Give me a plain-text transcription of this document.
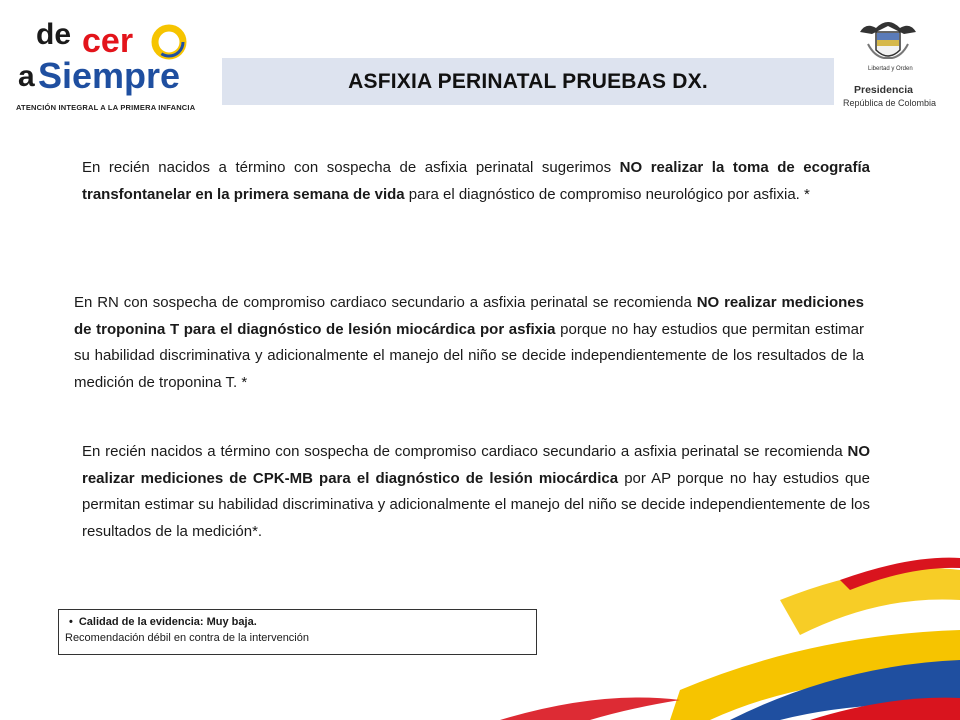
de cer
a Siempre
ATENCIÓN INTEGRAL A LA PRIMERA INFANCIA
ASFIXIA PERINATAL PRUEBAS DX.
Libertad y Orden
Presidencia
República de Colombia

En recién nacidos a término con sospecha de asfixia perinatal sugerimos NO realizar la toma de ecografía transfontanelar en la primera semana de vida para el diagnóstico de compromiso neurológico por asfixia. *

En RN con sospecha de compromiso cardiaco secundario a asfixia perinatal se recomienda NO realizar mediciones de troponina T para el diagnóstico de lesión miocárdica por asfixia porque no hay estudios que permitan estimar su habilidad discriminativa y adicionalmente el manejo del niño se decide independientemente de los resultados de la medición de troponina T. *

En recién nacidos a término con sospecha de compromiso cardiaco secundario a asfixia perinatal se recomienda NO realizar mediciones de CPK-MB para el diagnóstico de lesión miocárdica por AP porque no hay estudios que permitan estimar su habilidad discriminativa y adicionalmente el manejo del niño se decide independientemente de los resultados de la medición*.

• Calidad de la evidencia: Muy baja.
Recomendación débil en contra de la intervención
